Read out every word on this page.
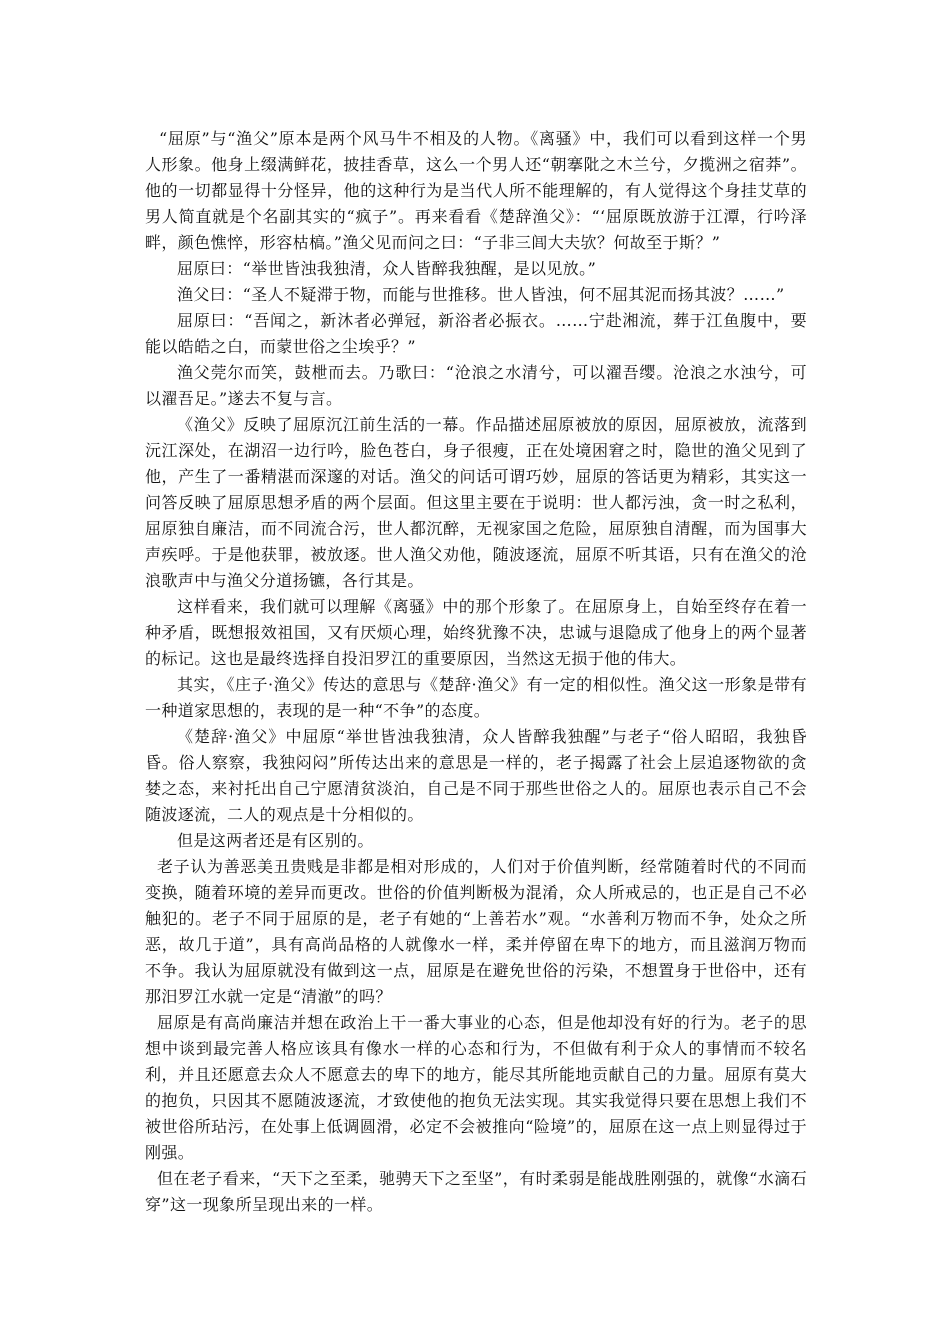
“屈原”与“渔父”原本是两个风马牛不相及的人物。《离骚》中，我们可以看到这样一个男人形象。他身上缀满鲜花，披挂香草，这么一个男人还“朝搴阰之木兰兮，夕揽洲之宿莽”。他的一切都显得十分怪异，他的这种行为是当代人所不能理解的，有人觉得这个身挂艾草的男人简直就是个名副其实的“疯子”。再来看看《楚辞渔父》：“‘屈原既放游于江潭，行吟泽畔，颜色憔悴，形容枯槁。”渔父见而问之曰：“子非三闾大夫欤？何故至于斯？”

屈原曰：“举世皆浊我独清，众人皆醉我独醒，是以见放。”

渔父曰：“圣人不疑滞于物，而能与世推移。世人皆浊，何不屈其泥而扬其波？……”

屈原曰：“吾闻之，新沐者必弹冠，新浴者必振衣。……宁赴湘流，葬于江鱼腹中，要能以皓皓之白，而蒙世俗之尘埃乎？”

渔父莞尔而笑，鼓枻而去。乃歌曰：“沧浪之水清兮，可以濯吾缨。沧浪之水浊兮，可以濯吾足。”遂去不复与言。

《渔父》反映了屈原沉江前生活的一幕。作品描述屈原被放的原因，屈原被放，流落到沅江深处，在湖沼一边行吟，脸色苍白，身子很瘦，正在处境困窘之时，隐世的渔父见到了他，产生了一番精湛而深邃的对话。渔父的问话可谓巧妙，屈原的答话更为精彩，其实这一问答反映了屈原思想矛盾的两个层面。但这里主要在于说明：世人都污浊，贪一时之私利，屈原独自廉洁，而不同流合污，世人都沉醉，无视家国之危险，屈原独自清醒，而为国事大声疾呼。于是他获罪，被放逐。世人渔父劝他，随波逐流，屈原不听其语，只有在渔父的沧浪歌声中与渔父分道扬镳，各行其是。

这样看来，我们就可以理解《离骚》中的那个形象了。在屈原身上，自始至终存在着一种矛盾，既想报效祖国，又有厌烦心理，始终犹豫不决，忠诚与退隐成了他身上的两个显著的标记。这也是最终选择自投汨罗江的重要原因，当然这无损于他的伟大。

其实，《庄子·渔父》传达的意思与《楚辞·渔父》有一定的相似性。渔父这一形象是带有一种道家思想的，表现的是一种“不争”的态度。

《楚辞·渔父》中屈原“举世皆浊我独清，众人皆醉我独醒”与老子“俗人昭昭，我独昏昏。俗人察察，我独闷闷”所传达出来的意思是一样的，老子揭露了社会上层追逐物欲的贪婪之态，来衬托出自己宁愿清贫淡泊，自己是不同于那些世俗之人的。屈原也表示自己不会随波逐流，二人的观点是十分相似的。

但是这两者还是有区别的。

老子认为善恶美丑贵贱是非都是相对形成的，人们对于价值判断，经常随着时代的不同而变换，随着环境的差异而更改。世俗的价值判断极为混淆，众人所戒忌的，也正是自己不必触犯的。老子不同于屈原的是，老子有她的“上善若水”观。“水善利万物而不争，处众之所恶，故几于道”，具有高尚品格的人就像水一样，柔并停留在卑下的地方，而且滋润万物而不争。我认为屈原就没有做到这一点，屈原是在避免世俗的污染，不想置身于世俗中，还有那汨罗江水就一定是“清澈”的吗？

屈原是有高尚廉洁并想在政治上干一番大事业的心态，但是他却没有好的行为。老子的思想中谈到最完善人格应该具有像水一样的心态和行为，不但做有利于众人的事情而不较名利，并且还愿意去众人不愿意去的卑下的地方，能尽其所能地贡献自己的力量。屈原有莫大的抱负，只因其不愿随波逐流，才致使他的抱负无法实现。其实我觉得只要在思想上我们不被世俗所玷污，在处事上低调圆滑，必定不会被推向“险境”的，屈原在这一点上则显得过于刚强。

但在老子看来，“天下之至柔，驰骋天下之至坚”，有时柔弱是能战胜刚强的，就像“水滴石穿”这一现象所呈现出来的一样。
